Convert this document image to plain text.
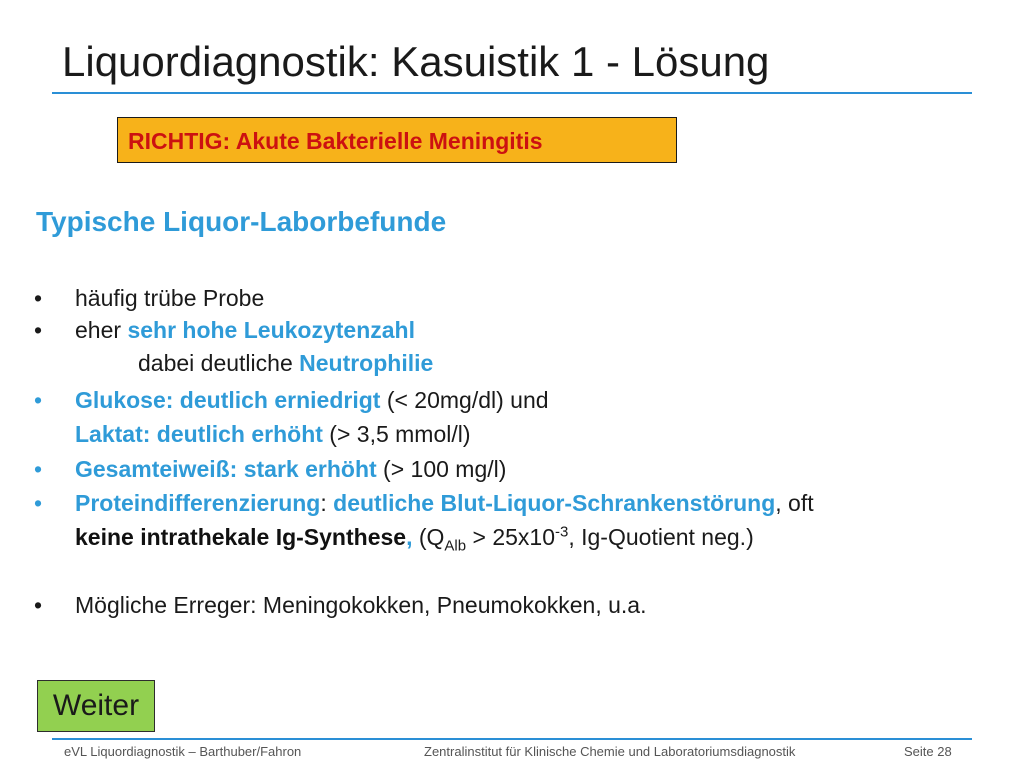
Liquordiagnostik: Kasuistik 1 - Lösung
RICHTIG: Akute Bakterielle Meningitis
Typische Liquor-Laborbefunde
• häufig trübe Probe
• eher sehr hohe Leukozytenzahl
dabei deutliche Neutrophilie
• Glukose: deutlich erniedrigt (< 20mg/dl) und
Laktat: deutlich erhöht (> 3,5 mmol/l)
• Gesamteiweiß: stark erhöht (> 100 mg/l)
• Proteindifferenzierung: deutliche Blut-Liquor-Schrankenstörung, oft
keine intrathekale Ig-Synthese, ($Q_{Alb} > 25x10^{-3}$, Ig-Quotient neg.)
• Mögliche Erreger: Meningokokken, Pneumokokken, u.a.
Weiter
eVL Liquordiagnostik – Barthuber/Fahron	Zentralinstitut für Klinische Chemie und Laboratoriumsdiagnostik	Seite 28
